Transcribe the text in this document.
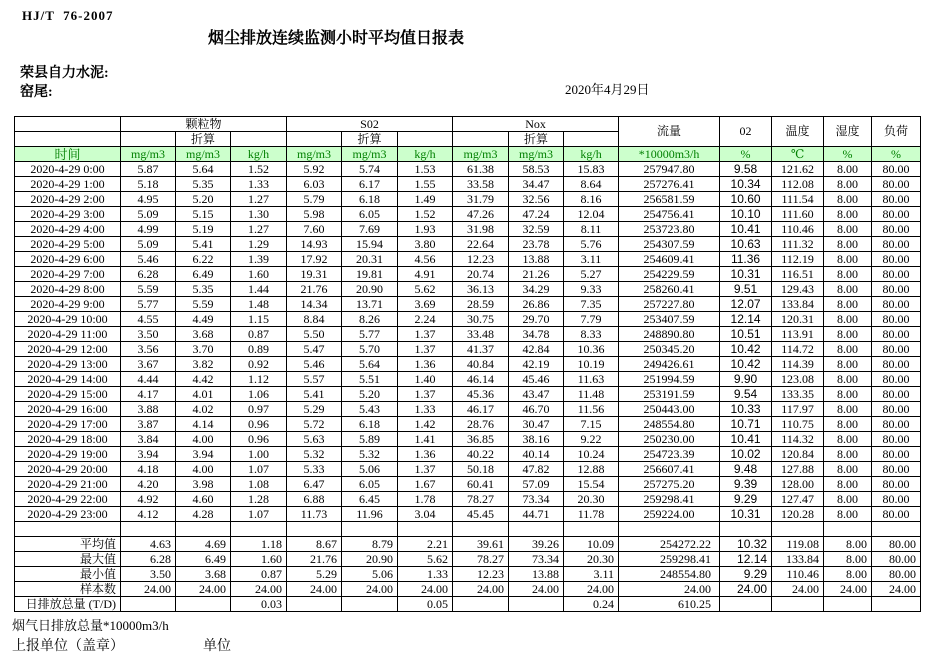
HJ/T  76-2007
烟尘排放连续监测小时平均值日报表
荣县自力水泥:
窑尾:	2020年4月29日
	颗粒物			S02			Nox			流量	02	温度	湿度	负荷
		折算			折算			折算						
时间	mg/m3	mg/m3	kg/h	mg/m3	mg/m3	kg/h	mg/m3	mg/m3	kg/h	*10000m3/h	%	℃	%	%
2020-4-29 0:00	5.87	5.64	1.52	5.92	5.74	1.53	61.38	58.53	15.83	257947.80	9.58	121.62	8.00	80.00
2020-4-29 1:00	5.18	5.35	1.33	6.03	6.17	1.55	33.58	34.47	8.64	257276.41	10.34	112.08	8.00	80.00
2020-4-29 2:00	4.95	5.20	1.27	5.79	6.18	1.49	31.79	32.56	8.16	256581.59	10.60	111.54	8.00	80.00
2020-4-29 3:00	5.09	5.15	1.30	5.98	6.05	1.52	47.26	47.24	12.04	254756.41	10.10	111.60	8.00	80.00
2020-4-29 4:00	4.99	5.19	1.27	7.60	7.69	1.93	31.98	32.59	8.11	253723.80	10.41	110.46	8.00	80.00
2020-4-29 5:00	5.09	5.41	1.29	14.93	15.94	3.80	22.64	23.78	5.76	254307.59	10.63	111.32	8.00	80.00
2020-4-29 6:00	5.46	6.22	1.39	17.92	20.31	4.56	12.23	13.88	3.11	254609.41	11.36	112.19	8.00	80.00
2020-4-29 7:00	6.28	6.49	1.60	19.31	19.81	4.91	20.74	21.26	5.27	254229.59	10.31	116.51	8.00	80.00
2020-4-29 8:00	5.59	5.35	1.44	21.76	20.90	5.62	36.13	34.29	9.33	258260.41	9.51	129.43	8.00	80.00
2020-4-29 9:00	5.77	5.59	1.48	14.34	13.71	3.69	28.59	26.86	7.35	257227.80	12.07	133.84	8.00	80.00
2020-4-29 10:00	4.55	4.49	1.15	8.84	8.26	2.24	30.75	29.70	7.79	253407.59	12.14	120.31	8.00	80.00
2020-4-29 11:00	3.50	3.68	0.87	5.50	5.77	1.37	33.48	34.78	8.33	248890.80	10.51	113.91	8.00	80.00
2020-4-29 12:00	3.56	3.70	0.89	5.47	5.70	1.37	41.37	42.84	10.36	250345.20	10.42	114.72	8.00	80.00
2020-4-29 13:00	3.67	3.82	0.92	5.46	5.64	1.36	40.84	42.19	10.19	249426.61	10.42	114.39	8.00	80.00
2020-4-29 14:00	4.44	4.42	1.12	5.57	5.51	1.40	46.14	45.46	11.63	251994.59	9.90	123.08	8.00	80.00
2020-4-29 15:00	4.17	4.01	1.06	5.41	5.20	1.37	45.36	43.47	11.48	253191.59	9.54	133.35	8.00	80.00
2020-4-29 16:00	3.88	4.02	0.97	5.29	5.43	1.33	46.17	46.70	11.56	250443.00	10.33	117.97	8.00	80.00
2020-4-29 17:00	3.87	4.14	0.96	5.72	6.18	1.42	28.76	30.47	7.15	248554.80	10.71	110.75	8.00	80.00
2020-4-29 18:00	3.84	4.00	0.96	5.63	5.89	1.41	36.85	38.16	9.22	250230.00	10.41	114.32	8.00	80.00
2020-4-29 19:00	3.94	3.94	1.00	5.32	5.32	1.36	40.22	40.14	10.24	254723.39	10.02	120.84	8.00	80.00
2020-4-29 20:00	4.18	4.00	1.07	5.33	5.06	1.37	50.18	47.82	12.88	256607.41	9.48	127.88	8.00	80.00
2020-4-29 21:00	4.20	3.98	1.08	6.47	6.05	1.67	60.41	57.09	15.54	257275.20	9.39	128.00	8.00	80.00
2020-4-29 22:00	4.92	4.60	1.28	6.88	6.45	1.78	78.27	73.34	20.30	259298.41	9.29	127.47	8.00	80.00
2020-4-29 23:00	4.12	4.28	1.07	11.73	11.96	3.04	45.45	44.71	11.78	259224.00	10.31	120.28	8.00	80.00

平均值	4.63	4.69	1.18	8.67	8.79	2.21	39.61	39.26	10.09	254272.22	10.32	119.08	8.00	80.00
最大值	6.28	6.49	1.60	21.76	20.90	5.62	78.27	73.34	20.30	259298.41	12.14	133.84	8.00	80.00
最小值	3.50	3.68	0.87	5.29	5.06	1.33	12.23	13.88	3.11	248554.80	9.29	110.46	8.00	80.00
样本数	24.00	24.00	24.00	24.00	24.00	24.00	24.00	24.00	24.00	24.00	24.00	24.00	24.00	24.00
日排放总量 (T/D)			0.03			0.05			0.24	610.25				
烟气日排放总量*10000m3/h
上报单位（盖章）	单位
